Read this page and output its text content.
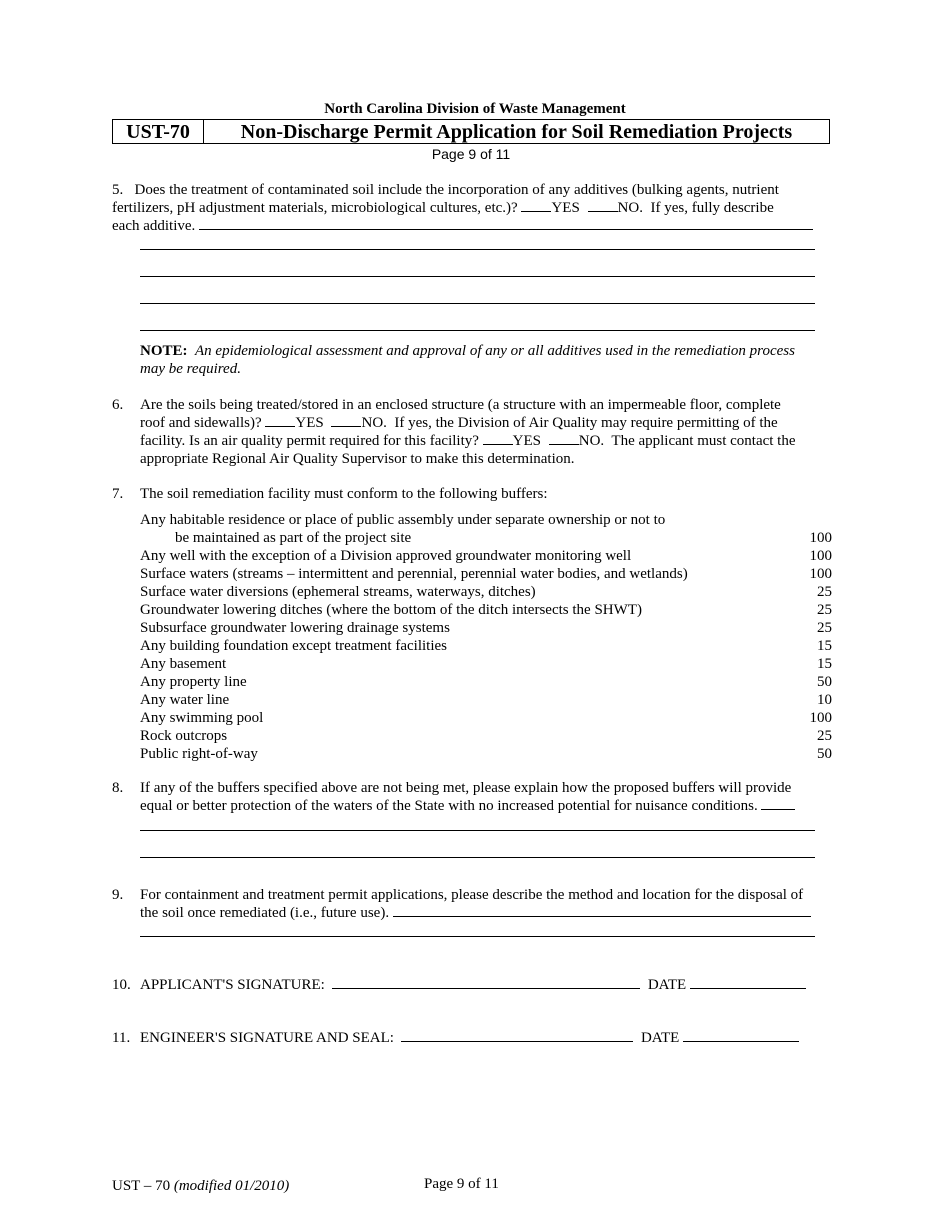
North Carolina Division of Waste Management
UST-70	Non-Discharge Permit Application for Soil Remediation Projects
Page 9 of 11
5. Does the treatment of contaminated soil include the incorporation of any additives (bulking agents, nutrient
fertilizers, pH adjustment materials, microbiological cultures, etc.)? YES	NO. If yes, fully describe
each additive.
NOTE: An epidemiological assessment and approval of any or all additives used in the remediation process
may be required.
6. Are the soils being treated/stored in an enclosed structure (a structure with an impermeable floor, complete
roof and sidewalls)? YES	NO. If yes, the Division of Air Quality may require permitting of the
facility. Is an air quality permit required for this facility? YES	NO. The applicant must contact the
appropriate Regional Air Quality Supervisor to make this determination.
7. The soil remediation facility must conform to the following buffers:
Any habitable residence or place of public assembly under separate ownership or not to
be maintained as part of the project site	100
Any well with the exception of a Division approved groundwater monitoring well	100
Surface waters (streams – intermittent and perennial, perennial water bodies, and wetlands)	100
Surface water diversions (ephemeral streams, waterways, ditches)	25
Groundwater lowering ditches (where the bottom of the ditch intersects the SHWT)	25
Subsurface groundwater lowering drainage systems	25
Any building foundation except treatment facilities	15
Any basement	15
Any property line	50
Any water line	10
Any swimming pool	100
Rock outcrops	25
Public right-of-way	50
8. If any of the buffers specified above are not being met, please explain how the proposed buffers will provide
equal or better protection of the waters of the State with no increased potential for nuisance conditions.
9. For containment and treatment permit applications, please describe the method and location for the disposal of
the soil once remediated (i.e., future use).
10. APPLICANT'S SIGNATURE:	DATE
11. ENGINEER'S SIGNATURE AND SEAL:	DATE
UST – 70 (modified 01/2010)	Page 9 of 11
